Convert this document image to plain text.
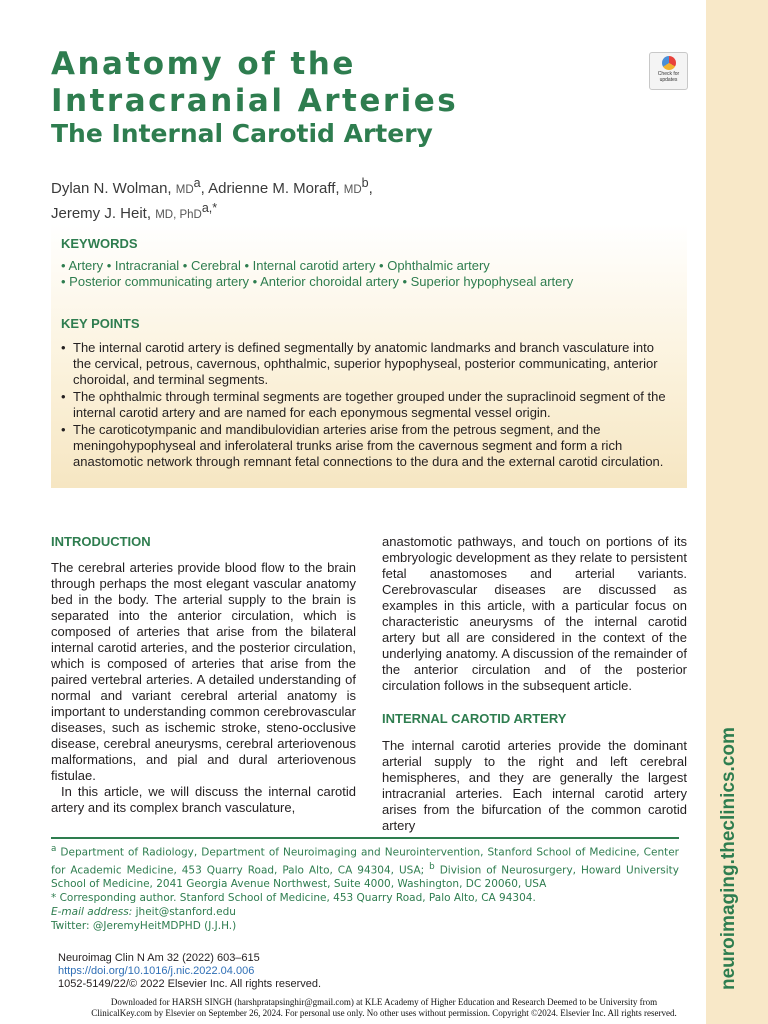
neuroimaging.theclinics.com
Anatomy of the
Intracranial Arteries
The Internal Carotid Artery
Check for updates
Dylan N. Wolman, $MD^a$, Adrienne M. Moraff, $MD^b$,
Jeremy J. Heit, MD, PhD$^{a,*}$
KEYWORDS
• Artery • Intracranial • Cerebral • Internal carotid artery • Ophthalmic artery
• Posterior communicating artery • Anterior choroidal artery • Superior hypophyseal artery
KEY POINTS
• The internal carotid artery is defined segmentally by anatomic landmarks and branch vasculature into the cervical, petrous, cavernous, ophthalmic, superior hypophyseal, posterior communicating, anterior choroidal, and terminal segments.
• The ophthalmic through terminal segments are together grouped under the supraclinoid segment of the internal carotid artery and are named for each eponymous segmental vessel origin.
• The caroticotympanic and mandibulovidian arteries arise from the petrous segment, and the meningohypophyseal and inferolateral trunks arise from the cavernous segment and form a rich anastomotic network through remnant fetal connections to the dura and the external carotid circulation.
INTRODUCTION

The cerebral arteries provide blood flow to the brain through perhaps the most elegant vascular anatomy bed in the body. The arterial supply to the brain is separated into the anterior circulation, which is composed of arteries that arise from the bilateral internal carotid arteries, and the posterior circulation, which is composed of arteries that arise from the paired vertebral arteries. A detailed understanding of normal and variant cerebral arterial anatomy is important to understanding common cerebrovascular diseases, such as ischemic stroke, steno-occlusive disease, cerebral aneurysms, cerebral arteriovenous malformations, and pial and dural arteriovenous fistulae.

In this article, we will discuss the internal carotid artery and its complex branch vasculature,

anastomotic pathways, and touch on portions of its embryologic development as they relate to persistent fetal anastomoses and arterial variants. Cerebrovascular diseases are discussed as examples in this article, with a particular focus on characteristic aneurysms of the internal carotid artery but all are considered in the context of the underlying anatomy. A discussion of the remainder of the anterior circulation and of the posterior circulation follows in the subsequent article.

INTERNAL CAROTID ARTERY

The internal carotid arteries provide the dominant arterial supply to the right and left cerebral hemispheres, and they are generally the largest intracranial arteries. Each internal carotid artery arises from the bifurcation of the common carotid artery

$^a$ Department of Radiology, Department of Neuroimaging and Neurointervention, Stanford School of Medicine, Center for Academic Medicine, 453 Quarry Road, Palo Alto, CA 94304, USA; $^b$ Division of Neurosurgery, Howard University School of Medicine, 2041 Georgia Avenue Northwest, Suite 4000, Washington, DC 20060, USA

* Corresponding author. Stanford School of Medicine, 453 Quarry Road, Palo Alto, CA 94304.

E-mail address: jheit@stanford.edu

Twitter: @JeremyHeitMDPHD (J.J.H.)

Neuroimag Clin N Am 32 (2022) 603–615
https://doi.org/10.1016/j.nic.2022.04.006
1052-5149/22/© 2022 Elsevier Inc. All rights reserved.
Downloaded for HARSH SINGH (harshpratapsinghir@gmail.com) at KLE Academy of Higher Education and Research Deemed to be University from
ClinicalKey.com by Elsevier on September 26, 2024. For personal use only. No other uses without permission. Copyright ©2024. Elsevier Inc. All rights reserved.
